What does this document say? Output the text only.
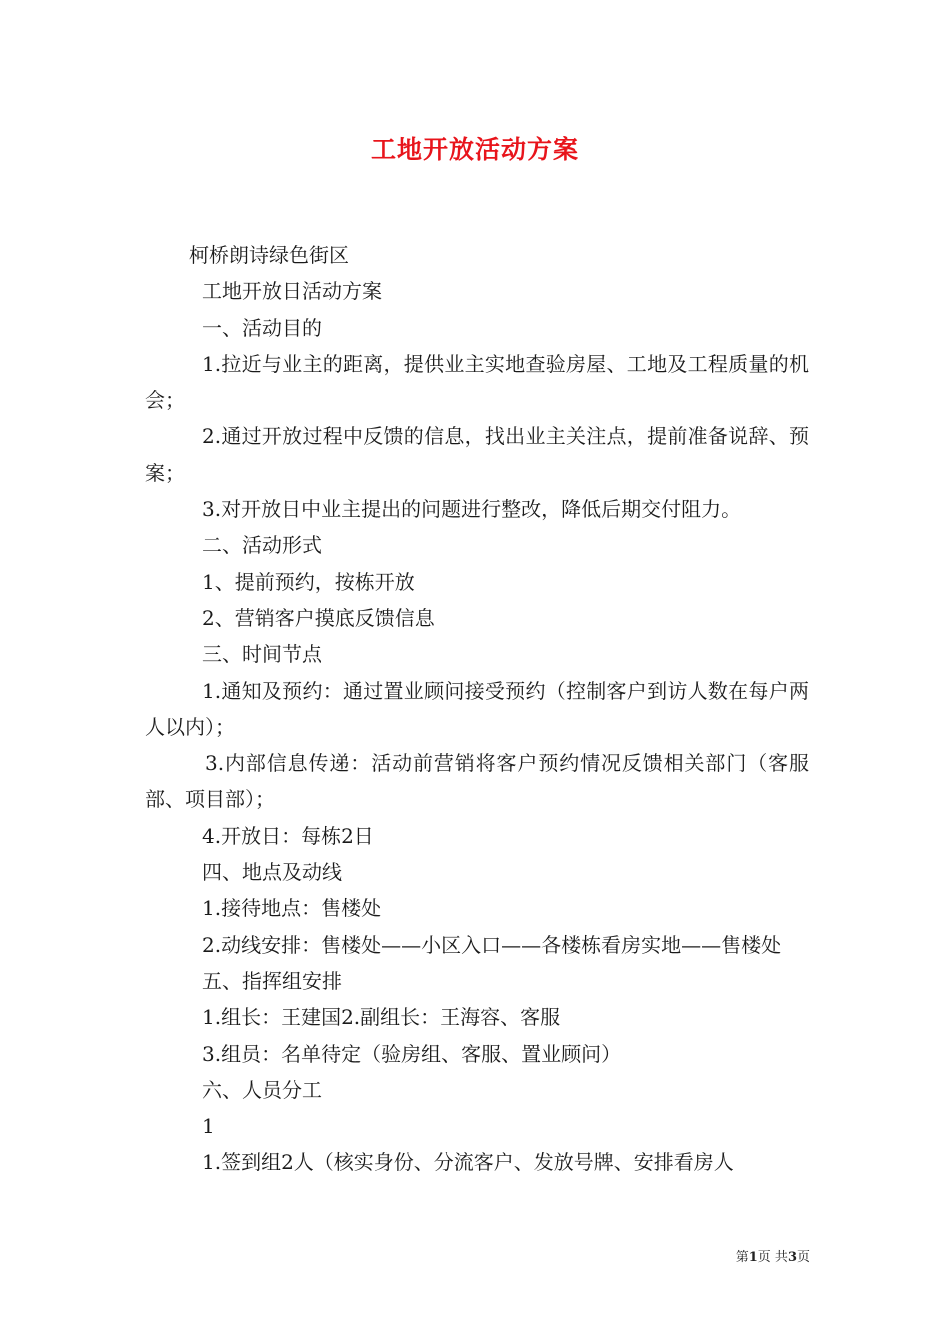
工地开放活动方案

柯桥朗诗绿色街区

工地开放日活动方案

一、活动目的

1.拉近与业主的距离，提供业主实地查验房屋、工地及工程质量的机会；

2.通过开放过程中反馈的信息，找出业主关注点，提前准备说辞、预案；

3.对开放日中业主提出的问题进行整改，降低后期交付阻力。

二、活动形式

1、提前预约，按栋开放

2、营销客户摸底反馈信息

三、时间节点

1.通知及预约：通过置业顾问接受预约（控制客户到访人数在每户两人以内）；

3.内部信息传递：活动前营销将客户预约情况反馈相关部门（客服部、项目部）；

4.开放日：每栋2日

四、地点及动线

1.接待地点：售楼处

2.动线安排：售楼处——小区入口——各楼栋看房实地——售楼处

五、指挥组安排

1.组长：王建国2.副组长：王海容、客服

3.组员：名单待定（验房组、客服、置业顾问）

六、人员分工

1

1.签到组2人（核实身份、分流客户、发放号牌、安排看房人

第1页 共3页
